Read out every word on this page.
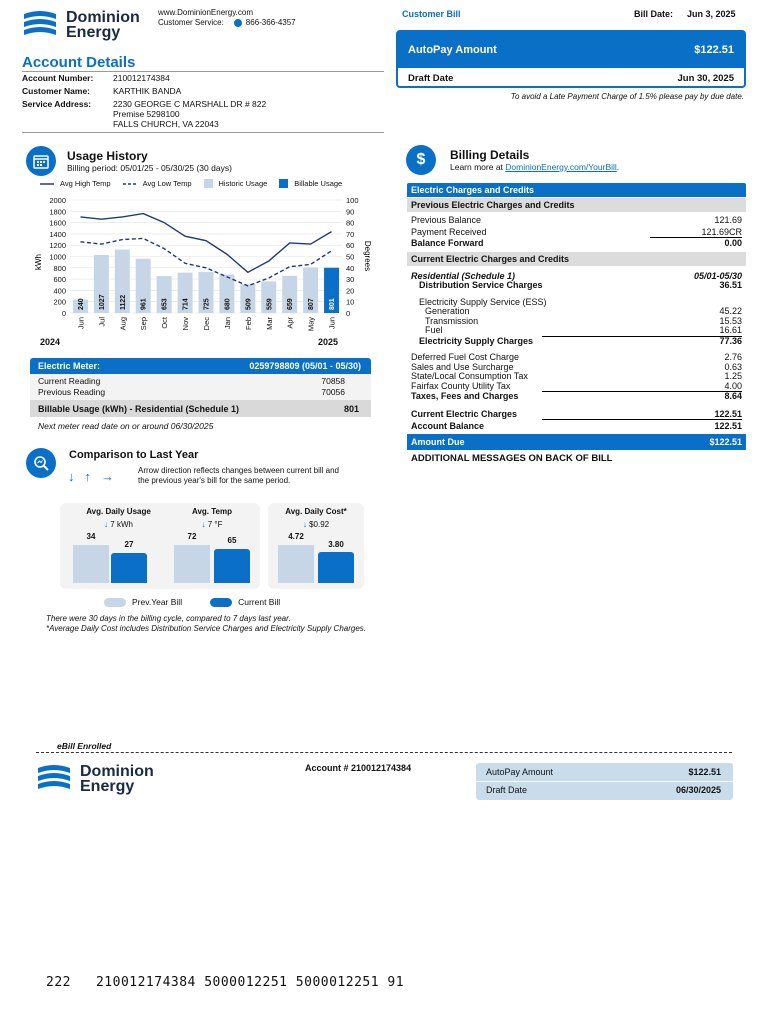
Dominion
Energy
www.DominionEnergy.com
Customer Service:	866-366-4357
Customer Bill	Bill Date: Jun 3, 2025
AutoPay Amount	$122.51
Draft Date	Jun 30, 2025
To avoid a Late Payment Charge of 1.5% please pay by due date.
Account Details
Account Number:	210012174384
Customer Name:	KARTHIK BANDA
Service Address:	2230 GEORGE C MARSHALL DR # 822
Premise 5298100
FALLS CHURCH, VA 22043
Usage History
Billing period: 05/01/25 - 05/30/25 (30 days)
Avg High Temp	Avg Low Temp	Historic Usage	Billable Usage
2000
1800
1600
1400
1200
1000
800
600
400
200
0
100
90
80
70
60
50
40
30
20
10
0
kWh	Degrees
240
Jun
1027
Jul
1122
Aug
961
Sep
653
Oct
714
Nov
725
Dec
680
Jan
509
Feb
559
Mar
659
Apr
807
May
801
Jun
2024	2025
Electric Meter:	0259798809 (05/01 - 05/30)
Current Reading	70858
Previous Reading	70056
Billable Usage (kWh) - Residential (Schedule 1)	801
Next meter read date on or around 06/30/2025
Comparison to Last Year
↓ ↑ →	Arrow direction reflects changes between current bill and the previous year's bill for the same period.
Avg. Daily Usage
↓ 7 kWh
34
27
Avg. Temp
↓ 7 °F
72	65
Avg. Daily Cost*
↓ $0.92
4.72
3.80
Prev.Year Bill	Current Bill
There were 30 days in the billing cycle, compared to 7 days last year.
*Average Daily Cost includes Distribution Service Charges and Electricity Supply Charges.
$ Billing Details
Learn more at DominionEnergy.com/YourBill.
Electric Charges and Credits
Previous Electric Charges and Credits
Previous Balance	121.69
Payment Received	121.69CR
Balance Forward	0.00
Current Electric Charges and Credits
Residential (Schedule 1)	05/01-05/30
Distribution Service Charges	36.51
Electricity Supply Service (ESS)
Generation	45.22
Transmission	15.53
Fuel	16.61
Electricity Supply Charges	77.36
Deferred Fuel Cost Charge	2.76
Sales and Use Surcharge	0.63
State/Local Consumption Tax	1.25
Fairfax County Utility Tax	4.00
Taxes, Fees and Charges	8.64
Current Electric Charges	122.51
Account Balance	122.51
Amount Due	$122.51
ADDITIONAL MESSAGES ON BACK OF BILL
eBill Enrolled
Dominion
Energy
Account # 210012174384	AutoPay Amount	$122.51
Draft Date	06/30/2025
222   210012174384 5000012251 5000012251 91
